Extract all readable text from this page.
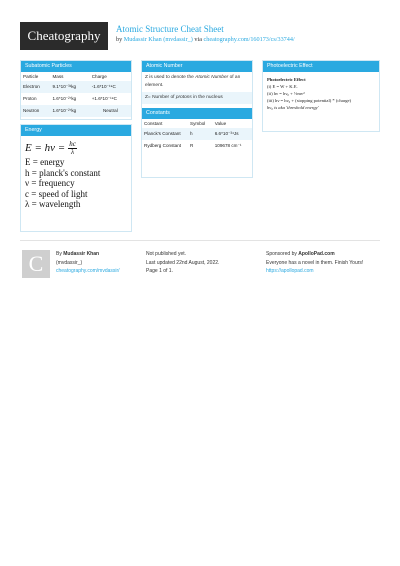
Cheatography	Atomic Structure Cheat Sheet
by Mudassir Khan (mvdassir_) via cheatography.com/160173/cs/33744/
Subatomic Particles
Particle	Mass	Charge
Electron	9.1*10⁻³¹kg	-1.6*10⁻¹⁹C
Proton	1.6*10⁻²⁷kg	+1.6*10⁻¹⁹C
Neutron	1.6*10⁻²⁷kg	Neutral
Energy
$E = h\nu = \frac{hc}{\lambda}$
E = energy
h = planck's constant
ν = frequency
c = speed of light
λ = wavelength
Atomic Number
Z is used to denote the Atomic Number of an element.
Z= Number of protons in the nucleus
Constants
Constant	Symbol	Value
Planck's Constant	h	6.6*10⁻³⁴Js
Rydberg Constant	R	109678 cm⁻¹
Photoelectric Effect
Photoelectric Effect
(i) E = W + K.E.
(ii) hν = hν₀ + ½mv²
(iii) hν = hν₀ + (stopping potential) * (charge)
hν₀ is aka 'threshold energy'
C	By Mudassir Khan
(mvdassir_)
cheatography.com/mvdassir/
Not published yet.
Last updated 22nd August, 2022.
Page 1 of 1.
Sponsored by ApolloPad.com
Everyone has a novel in them. Finish Yours!
https://apollopad.com
